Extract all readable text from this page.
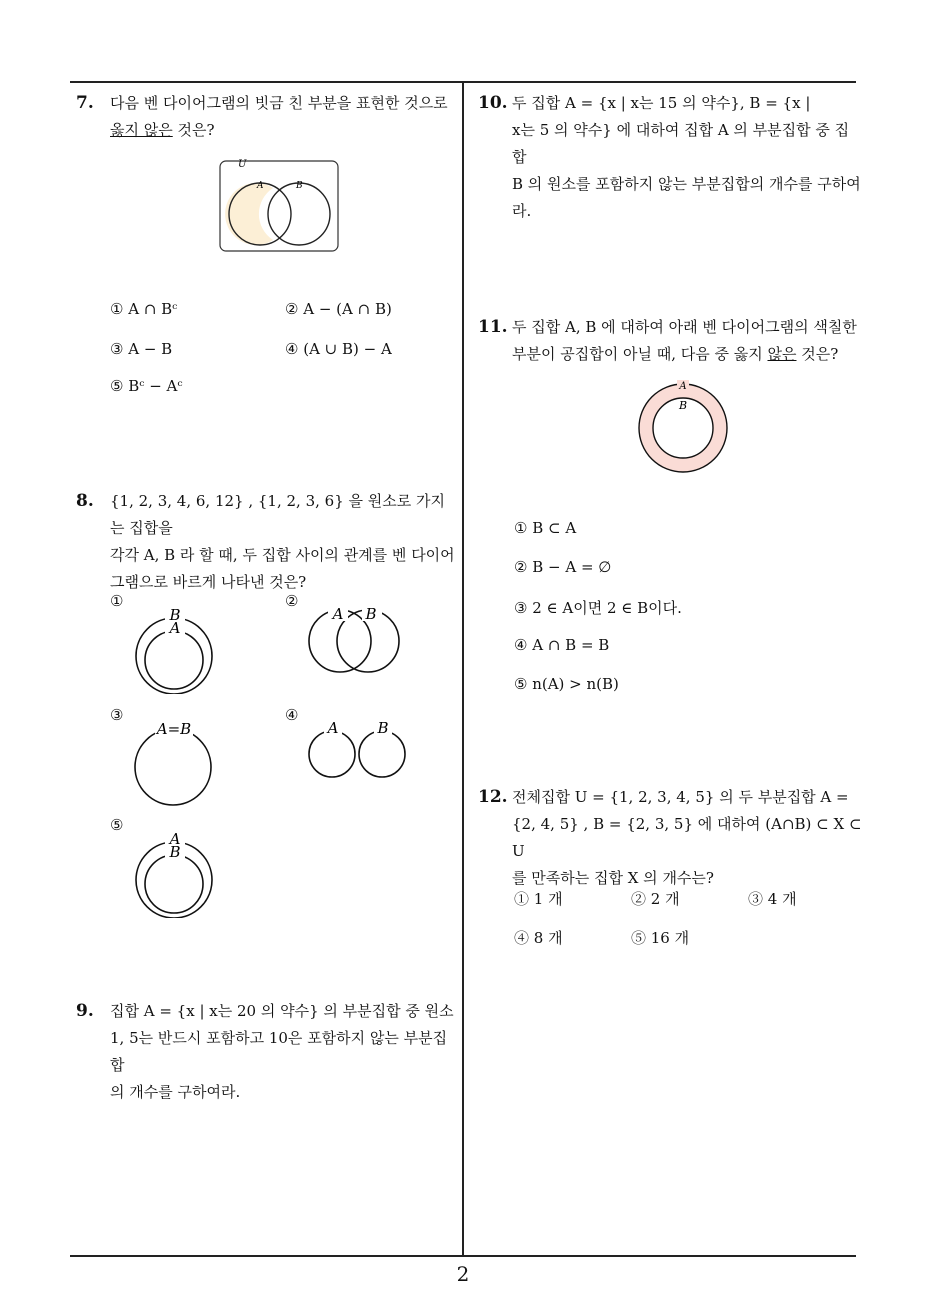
7. 다음 벤 다이어그램의 빗금 친 부분을 표현한 것으로
옳지 않은 것은?
U
A	B
① A ∩ Bᶜ	② A − (A ∩ B)
③ A − B	④ (A ∪ B) − A
⑤ Bᶜ − Aᶜ
8. {1, 2, 3, 4, 6, 12} , {1, 2, 3, 6} 을 원소로 가지는 집합을
각각 A, B 라 할 때, 두 집합 사이의 관계를 벤 다이어
그램으로 바르게 나타낸 것은?
①	②
③	④
⑤
B
A
A B
A=B	A	B
A
B
9. 집합 A = {x | x는 20 의 약수} 의 부분집합 중 원소
1, 5는 반드시 포함하고 10은 포함하지 않는 부분집합
의 개수를 구하여라.
10. 두 집합 A = {x | x는 15 의 약수}, B = {x |
x는 5 의 약수} 에 대하여 집합 A 의 부분집합 중 집합
B 의 원소를 포함하지 않는 부분집합의 개수를 구하여
라.
11. 두 집합 A, B 에 대하여 아래 벤 다이어그램의 색칠한
부분이 공집합이 아닐 때, 다음 중 옳지 않은 것은?
A
B
① B ⊂ A
② B − A = ∅
③ 2 ∈ A이면 2 ∈ B이다.
④ A ∩ B = B
⑤ n(A) > n(B)
12. 전체집합 U = {1, 2, 3, 4, 5} 의 두 부분집합 A =
{2, 4, 5} , B = {2, 3, 5} 에 대하여 (A∩B) ⊂ X ⊂ U
를 만족하는 집합 X 의 개수는?
① 1 개	② 2 개	③ 4 개
④ 8 개	⑤ 16 개
2
